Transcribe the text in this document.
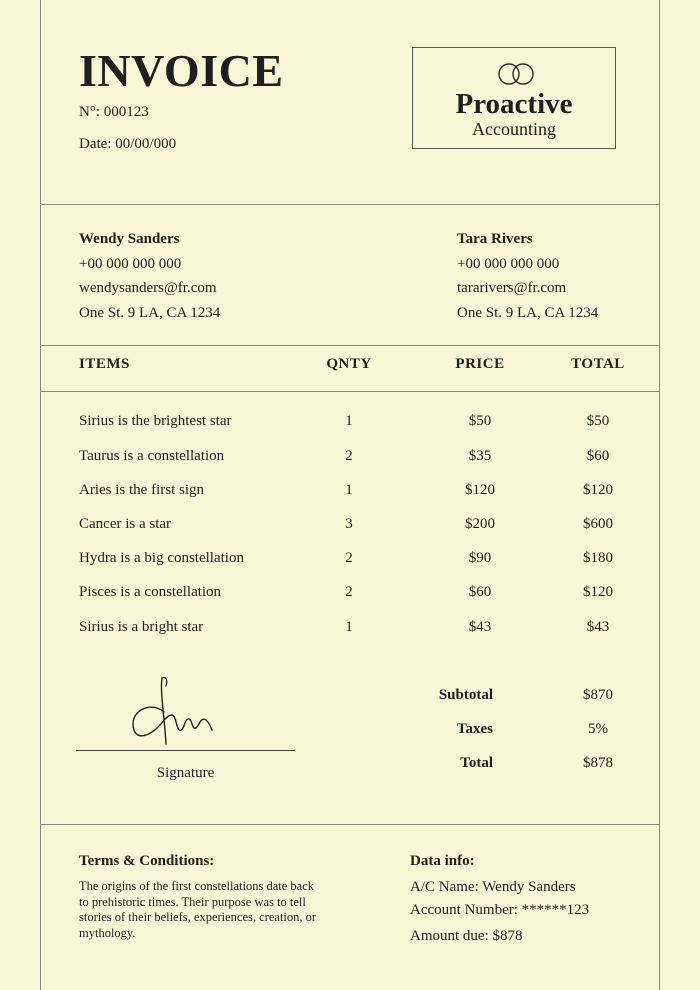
INVOICE
N°: 000123
Date: 00/00/000
Proactive
Accounting
Wendy Sanders
+00 000 000 000
wendysanders@fr.com
One St. 9 LA, CA 1234
Tara Rivers
+00 000 000 000
tararivers@fr.com
One St. 9 LA, CA 1234
ITEMS	QNTY	PRICE	TOTAL
Sirius is the brightest star	1	$50	$50
Taurus is a constellation	2	$35	$60
Aries is the first sign	1	$120	$120
Cancer is a star	3	$200	$600
Hydra is a big constellation	2	$90	$180
Pisces is a constellation	2	$60	$120
Sirius is a bright star	1	$43	$43
Signature
Subtotal	$870
Taxes	5%
Total	$878
Terms & Conditions:
The origins of the first constellations date back to prehistoric times. Their purpose was to tell stories of their beliefs, experiences, creation, or mythology.
Data info:
A/C Name: Wendy Sanders
Account Number: ******123
Amount due: $878
